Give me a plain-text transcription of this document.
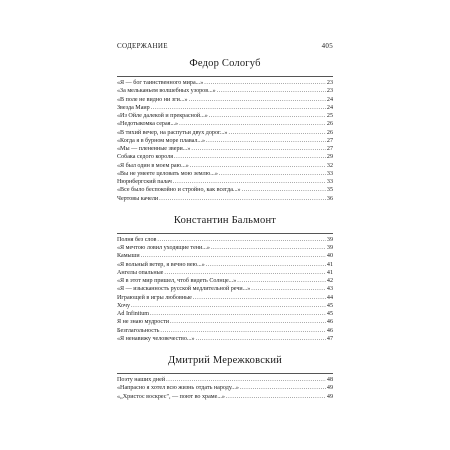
СОДЕРЖАНИЕ	405
Федор Сологуб
«Я — бог таинственного мира...» .....	23
«За мельканьем волшебных узоров...» .....	23
«В поле не видно ни зги...» .....	24
Звезда Маир .....	24
«Из Ойле далекой и прекрасной...» .....	25
«Недотыкомка серая...» .....	26
«В тихий вечер, на распутьи двух дорог...» .....	26
«Когда я в бурном море плавал...» .....	27
«Мы — плененные звери...» .....	27
Собака седого короля .....	29
«Я был один в моем раю...» .....	32
«Вы не умеете целовать мою землю...» .....	33
Нюрнбергский палач .....	33
«Все было беспокойно и стройно, как всегда...» .....	35
Чертовы качели .....	36
Константин Бальмонт
Полня без слов .....	39
«Я мечтою ловил уходящие тени...» .....	39
Камыши .....	40
«Я вольный ветер, я вечно вею...» .....	41
Ангелы опальные .....	41
«Я в этот мир пришел, чтоб видеть Солнце...» .....	42
«Я — изысканность русской медлительной речи...» .....	43
Играющей в игры любовные .....	44
Хочу .....	45
Ad Infinitum .....	45
Я не знаю мудрости .....	46
Безглагольность .....	46
«Я ненавижу человечество...» .....	47
Дмитрий Мережковский
Поэту наших дней .....	48
«Напрасно я хотел всю жизнь отдать народу...» .....	49
«„Христос воскрес", — поют во храме...» .....	49
